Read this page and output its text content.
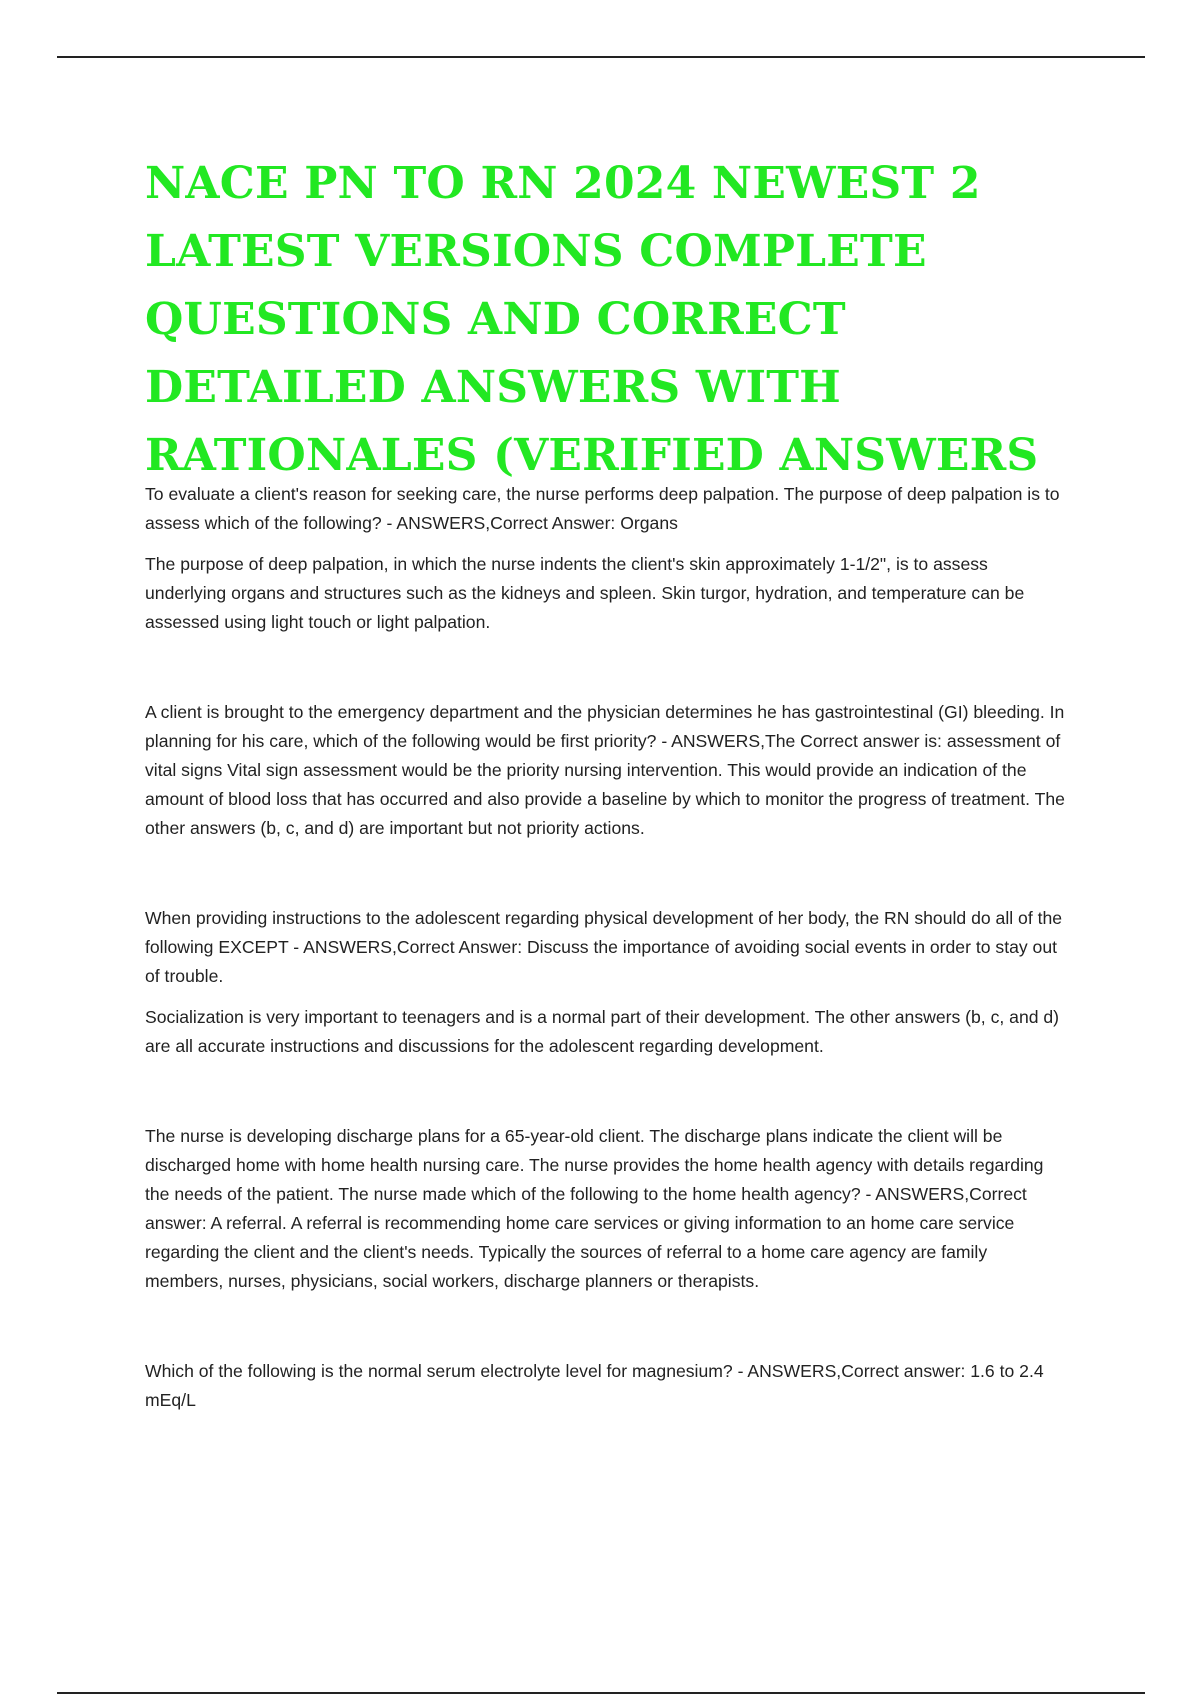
NACE PN TO RN 2024 NEWEST 2 LATEST VERSIONS COMPLETE QUESTIONS AND CORRECT DETAILED ANSWERS WITH RATIONALES (VERIFIED ANSWERS

To evaluate a client's reason for seeking care, the nurse performs deep palpation. The purpose of deep palpation is to assess which of the following? - ANSWERS,Correct Answer: Organs

The purpose of deep palpation, in which the nurse indents the client's skin approximately 1-1/2", is to assess underlying organs and structures such as the kidneys and spleen. Skin turgor, hydration, and temperature can be assessed using light touch or light palpation.

A client is brought to the emergency department and the physician determines he has gastrointestinal (GI) bleeding. In planning for his care, which of the following would be first priority? - ANSWERS,The Correct answer is: assessment of vital signs Vital sign assessment would be the priority nursing intervention. This would provide an indication of the amount of blood loss that has occurred and also provide a baseline by which to monitor the progress of treatment. The other answers (b, c, and d) are important but not priority actions.

When providing instructions to the adolescent regarding physical development of her body, the RN should do all of the following EXCEPT - ANSWERS,Correct Answer: Discuss the importance of avoiding social events in order to stay out of trouble.

Socialization is very important to teenagers and is a normal part of their development. The other answers (b, c, and d) are all accurate instructions and discussions for the adolescent regarding development.

The nurse is developing discharge plans for a 65-year-old client. The discharge plans indicate the client will be discharged home with home health nursing care. The nurse provides the home health agency with details regarding the needs of the patient. The nurse made which of the following to the home health agency? - ANSWERS,Correct answer: A referral. A referral is recommending home care services or giving information to an home care service regarding the client and the client's needs. Typically the sources of referral to a home care agency are family members, nurses, physicians, social workers, discharge planners or therapists.

Which of the following is the normal serum electrolyte level for magnesium? - ANSWERS,Correct answer: 1.6 to 2.4 mEq/L
